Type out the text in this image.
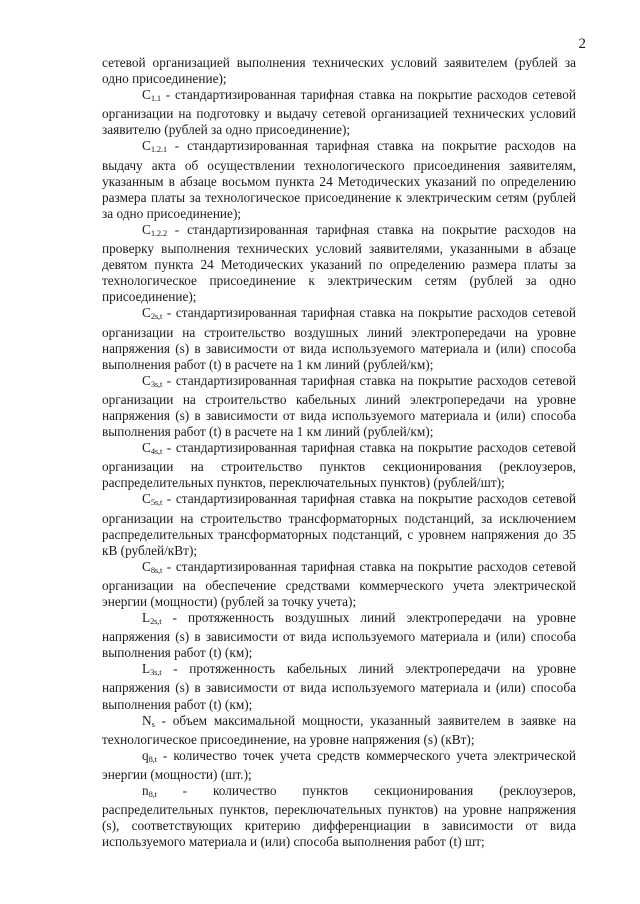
2

сетевой организацией выполнения технических условий заявителем (рублей за одно присоединение);

$C_{1.1}$ - стандартизированная тарифная ставка на покрытие расходов сетевой организации на подготовку и выдачу сетевой организацией технических условий заявителю (рублей за одно присоединение);

$C_{1.2.1}$ - стандартизированная тарифная ставка на покрытие расходов на выдачу акта об осуществлении технологического присоединения заявителям, указанным в абзаце восьмом пункта 24 Методических указаний по определению размера платы за технологическое присоединение к электрическим сетям (рублей за одно присоединение);

$C_{1.2.2}$ - стандартизированная тарифная ставка на покрытие расходов на проверку выполнения технических условий заявителями, указанными в абзаце девятом пункта 24 Методических указаний по определению размера платы за технологическое присоединение к электрическим сетям (рублей за одно присоединение);

$C_{2s,t}$ - стандартизированная тарифная ставка на покрытие расходов сетевой организации на строительство воздушных линий электропередачи на уровне напряжения (s) в зависимости от вида используемого материала и (или) способа выполнения работ (t) в расчете на 1 км линий (рублей/км);

$C_{3s,t}$ - стандартизированная тарифная ставка на покрытие расходов сетевой организации на строительство кабельных линий электропередачи на уровне напряжения (s) в зависимости от вида используемого материала и (или) способа выполнения работ (t) в расчете на 1 км линий (рублей/км);

$C_{4s,t}$ - стандартизированная тарифная ставка на покрытие расходов сетевой организации на строительство пунктов секционирования (реклоузеров, распределительных пунктов, переключательных пунктов) (рублей/шт);

$C_{5s,t}$ - стандартизированная тарифная ставка на покрытие расходов сетевой организации на строительство трансформаторных подстанций, за исключением распределительных трансформаторных подстанций, с уровнем напряжения до 35 кВ (рублей/кВт);

$C_{8s,t}$ - стандартизированная тарифная ставка на покрытие расходов сетевой организации на обеспечение средствами коммерческого учета электрической энергии (мощности) (рублей за точку учета);

$L_{2s,t}$ - протяженность воздушных линий электропередачи на уровне напряжения (s) в зависимости от вида используемого материала и (или) способа выполнения работ (t) (км);

$L_{3s,t}$ - протяженность кабельных линий электропередачи на уровне напряжения (s) в зависимости от вида используемого материала и (или) способа выполнения работ (t) (км);

$N_s$ - объем максимальной мощности, указанный заявителем в заявке на технологическое присоединение, на уровне напряжения (s) (кВт);

$q_{8,t}$ - количество точек учета средств коммерческого учета электрической энергии (мощности) (шт.);

$n_{8,t}$ - количество пунктов секционирования (реклоузеров, распределительных пунктов, переключательных пунктов) на уровне напряжения (s), соответствующих критерию дифференциации в зависимости от вида используемого материала и (или) способа выполнения работ (t) шт;
